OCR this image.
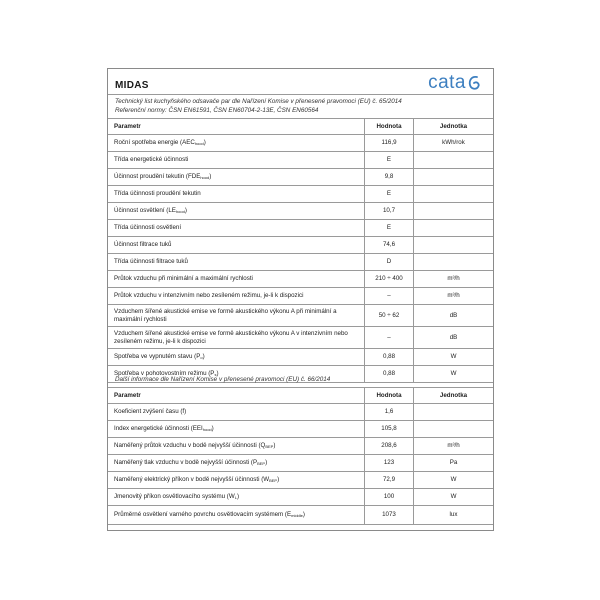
MIDAS	cata
Technický list kuchyňského odsavače par dle Nařízení Komise v přenesené pravomoci (EU) č. 65/2014
Referenční normy: ČSN EN61591, ČSN EN60704-2-13E, ČSN EN60564
Parametr	Hodnota	Jednotka
Roční spotřeba energie $(AEC_{hood})$	116,9	kWh/rok
Třída energetické účinnosti	E	
Účinnost proudění tekutin $(FDE_{hood})$	9,8	
Třída účinnosti proudění tekutin	E	
Účinnost osvětlení $(LE_{hood})$	10,7	
Třída účinnosti osvětlení	E	
Účinnost filtrace tuků	74,6	
Třída účinnosti filtrace tuků	D	
Průtok vzduchu při minimální a maximální rychlosti	210 ÷ 400	m³/h
Průtok vzduchu v intenzivním nebo zesíleném režimu, je-li k dispozici	–	m³/h
Vzduchem šířené akustické emise ve formě akustického výkonu A při minimální a maximální rychlosti	50 ÷ 62	dB
Vzduchem šířené akustické emise ve formě akustického výkonu A v intenzivním nebo zesíleném režimu, je-li k dispozici	–	dB
Spotřeba ve vypnutém stavu $(P_o)$	0,88	W
Spotřeba v pohotovostním režimu $(P_s)$	0,88	W
Další informace dle Nařízení Komise v přenesené pravomoci (EU) č. 66/2014
Parametr	Hodnota	Jednotka
Koeficient zvýšení času (f)	1,6	
Index energetické účinnosti $(EEI_{hood})$	105,8	
Naměřený průtok vzduchu v bodě nejvyšší účinnosti $(Q_{BEP})$	208,6	m³/h
Naměřený tlak vzduchu v bodě nejvyšší účinnosti $(P_{BEP})$	123	Pa
Naměřený elektrický příkon v bodě nejvyšší účinnosti $(W_{BEP})$	72,9	W
Jmenovitý příkon osvětlovacího systému $(W_L)$	100	W
Průměrné osvětlení varného povrchu osvětlovacím systémem $(E_{middle})$	1073	lux
